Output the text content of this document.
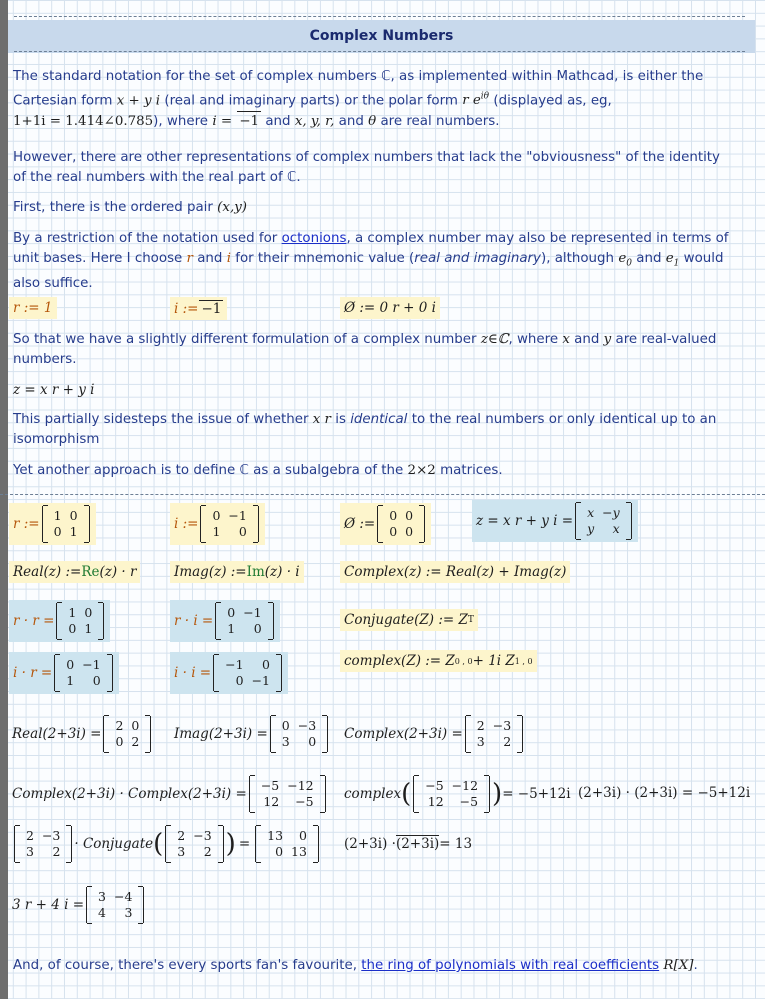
Complex Numbers
The standard notation for the set of complex numbers ℂ, as implemented within Mathcad, is either the Cartesian form x + y i (real and imaginary parts) or the polar form r $e^{i\theta}$ (displayed as, eg,
1+1i = 1.414∠0.785), where i = −1 and x, y, r, and θ are real numbers.
However, there are other representations of complex numbers that lack the "obviousness" of the identity of the real numbers with the real part of ℂ.
First, there is the ordered pair (x,y)
By a restriction of the notation used for octonions, a complex number may also be represented in terms of unit bases. Here I choose r and i for their mnemonic value (real and imaginary), although $e_0$ and $e_1$ would also suffice.
r := 1	i := −1	Ø := 0 r + 0 i
So that we have a slightly different formulation of a complex number z∈ℂ, where x and y are real-valued numbers.
z = x r + y i
This partially sidesteps the issue of whether x r is identical to the real numbers or only identical up to an isomorphism
Yet another approach is to define ℂ as a subalgebra of the 2×2 matrices.
r :=
1	0
0	1	i :=
0	−1
1	0	Ø :=
0	0
0	0
z = x r + y i =
x	−y
y	x
Real(z) := Re (z) · r	Imag(z) := Im (z) · i	Complex(z) := Real(z) + Imag(z)
r · r =
1	0
0	1	r · i =
0	−1
1	0
Conjugate(Z) := Z T
i · r =
0	−1
1	0	i · i =
−1	0
0	−1
complex(Z) := Z 0 , 0 + 1i Z 1 , 0
Real(2+3i) =
2	0
0	2	Imag(2+3i) =
0	−3
3	0 Complex(2+3i) =
2	−3
3	2
Complex(2+3i) · Complex(2+3i) =
−5	−12
12	−5 complex ( −5	−12
12	−5 ) = −5+12i (2+3i) · (2+3i) = −5+12i
2	−3
3	2 · Conjugate ( 2	−3
3	2 ) =
13	0
0	13	(2+3i) · (2+3i) = 13
3 r + 4 i =
3	−4
4	3
And, of course, there's every sports fan's favourite, the ring of polynomials with real coefficients R[X].
